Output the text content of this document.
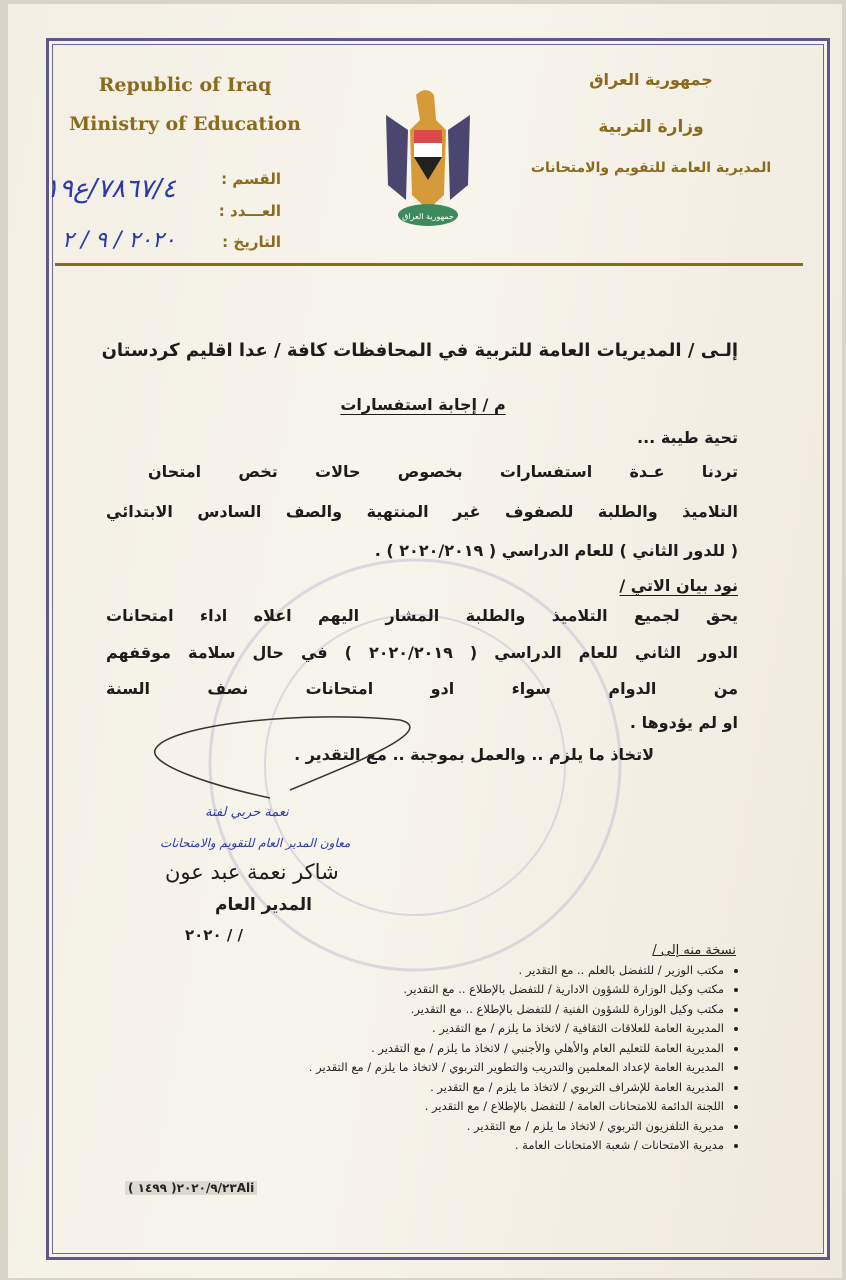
Republic of Iraq
Ministry of Education
جمهورية العراق
وزارة التربية
المديرية العامة للتقويم والامتحانات
جمهورية العراق
القسم :
العـــدد :
التاريخ :
٧٨٦٧/٤/ع١٩
٢٠٢٠ / ٩ / ٢
إلـى / المديريات العامة للتربية في المحافظات كافة / عدا اقليم كردستان
م / إجابة استفسارات
تحية طيبة ...
تردنا عـدة استفسارات بخصوص حالات تخص امتحان
التلاميذ والطلبة للصفوف غير المنتهية والصف السادس الابتدائي
( للدور الثاني ) للعام الدراسي ( ٢٠٢٠/٢٠١٩ ) .
نود بيان الاتي /
يحق لجميع التلاميذ والطلبة المشار اليهم اعلاه اداء امتحانات
الدور الثاني للعام الدراسي ( ٢٠٢٠/٢٠١٩ ) في حال سلامة موقفهم
من الدوام سواء ادو امتحانات نصف السنة
او لم يؤدوها .
لاتخاذ ما يلزم .. والعمل بموجبة .. مع التقدير .
نعمة حربي لفتة
معاون المدير العام للتقويم والامتحانات
شاكر نعمة عبد عون
المدير العام
/ / ٢٠٢٠
نسخة منه إلى /
• مكتب الوزير / للتفضل بالعلم .. مع التقدير .
• مكتب وكيل الوزارة للشؤون الادارية / للتفضل بالإطلاع .. مع التقدير.
• مكتب وكيل الوزارة للشؤون الفنية / للتفضل بالإطلاع .. مع التقدير.
• المديرية العامة للعلاقات الثقافية / لاتخاذ ما يلزم / مع التقدير .
• المديرية العامة للتعليم العام والأهلي والأجنبي / لاتخاذ ما يلزم / مع التقدير .
• المديرية العامة لإعداد المعلمين والتدريب والتطوير التربوي / لاتخاذ ما يلزم / مع التقدير .
• المديرية العامة للإشراف التربوي / لاتخاذ ما يلزم / مع التقدير .
• اللجنة الدائمة للامتحانات العامة / للتفضل بالإطلاع / مع التقدير .
• مديرية التلفزيون التربوي / لاتخاذ ما يلزم / مع التقدير .
• مديرية الامتحانات / شعبة الامتحانات العامة .
( ١٤٩٩ )٢٠٢٠/٩/٢٣Ali
